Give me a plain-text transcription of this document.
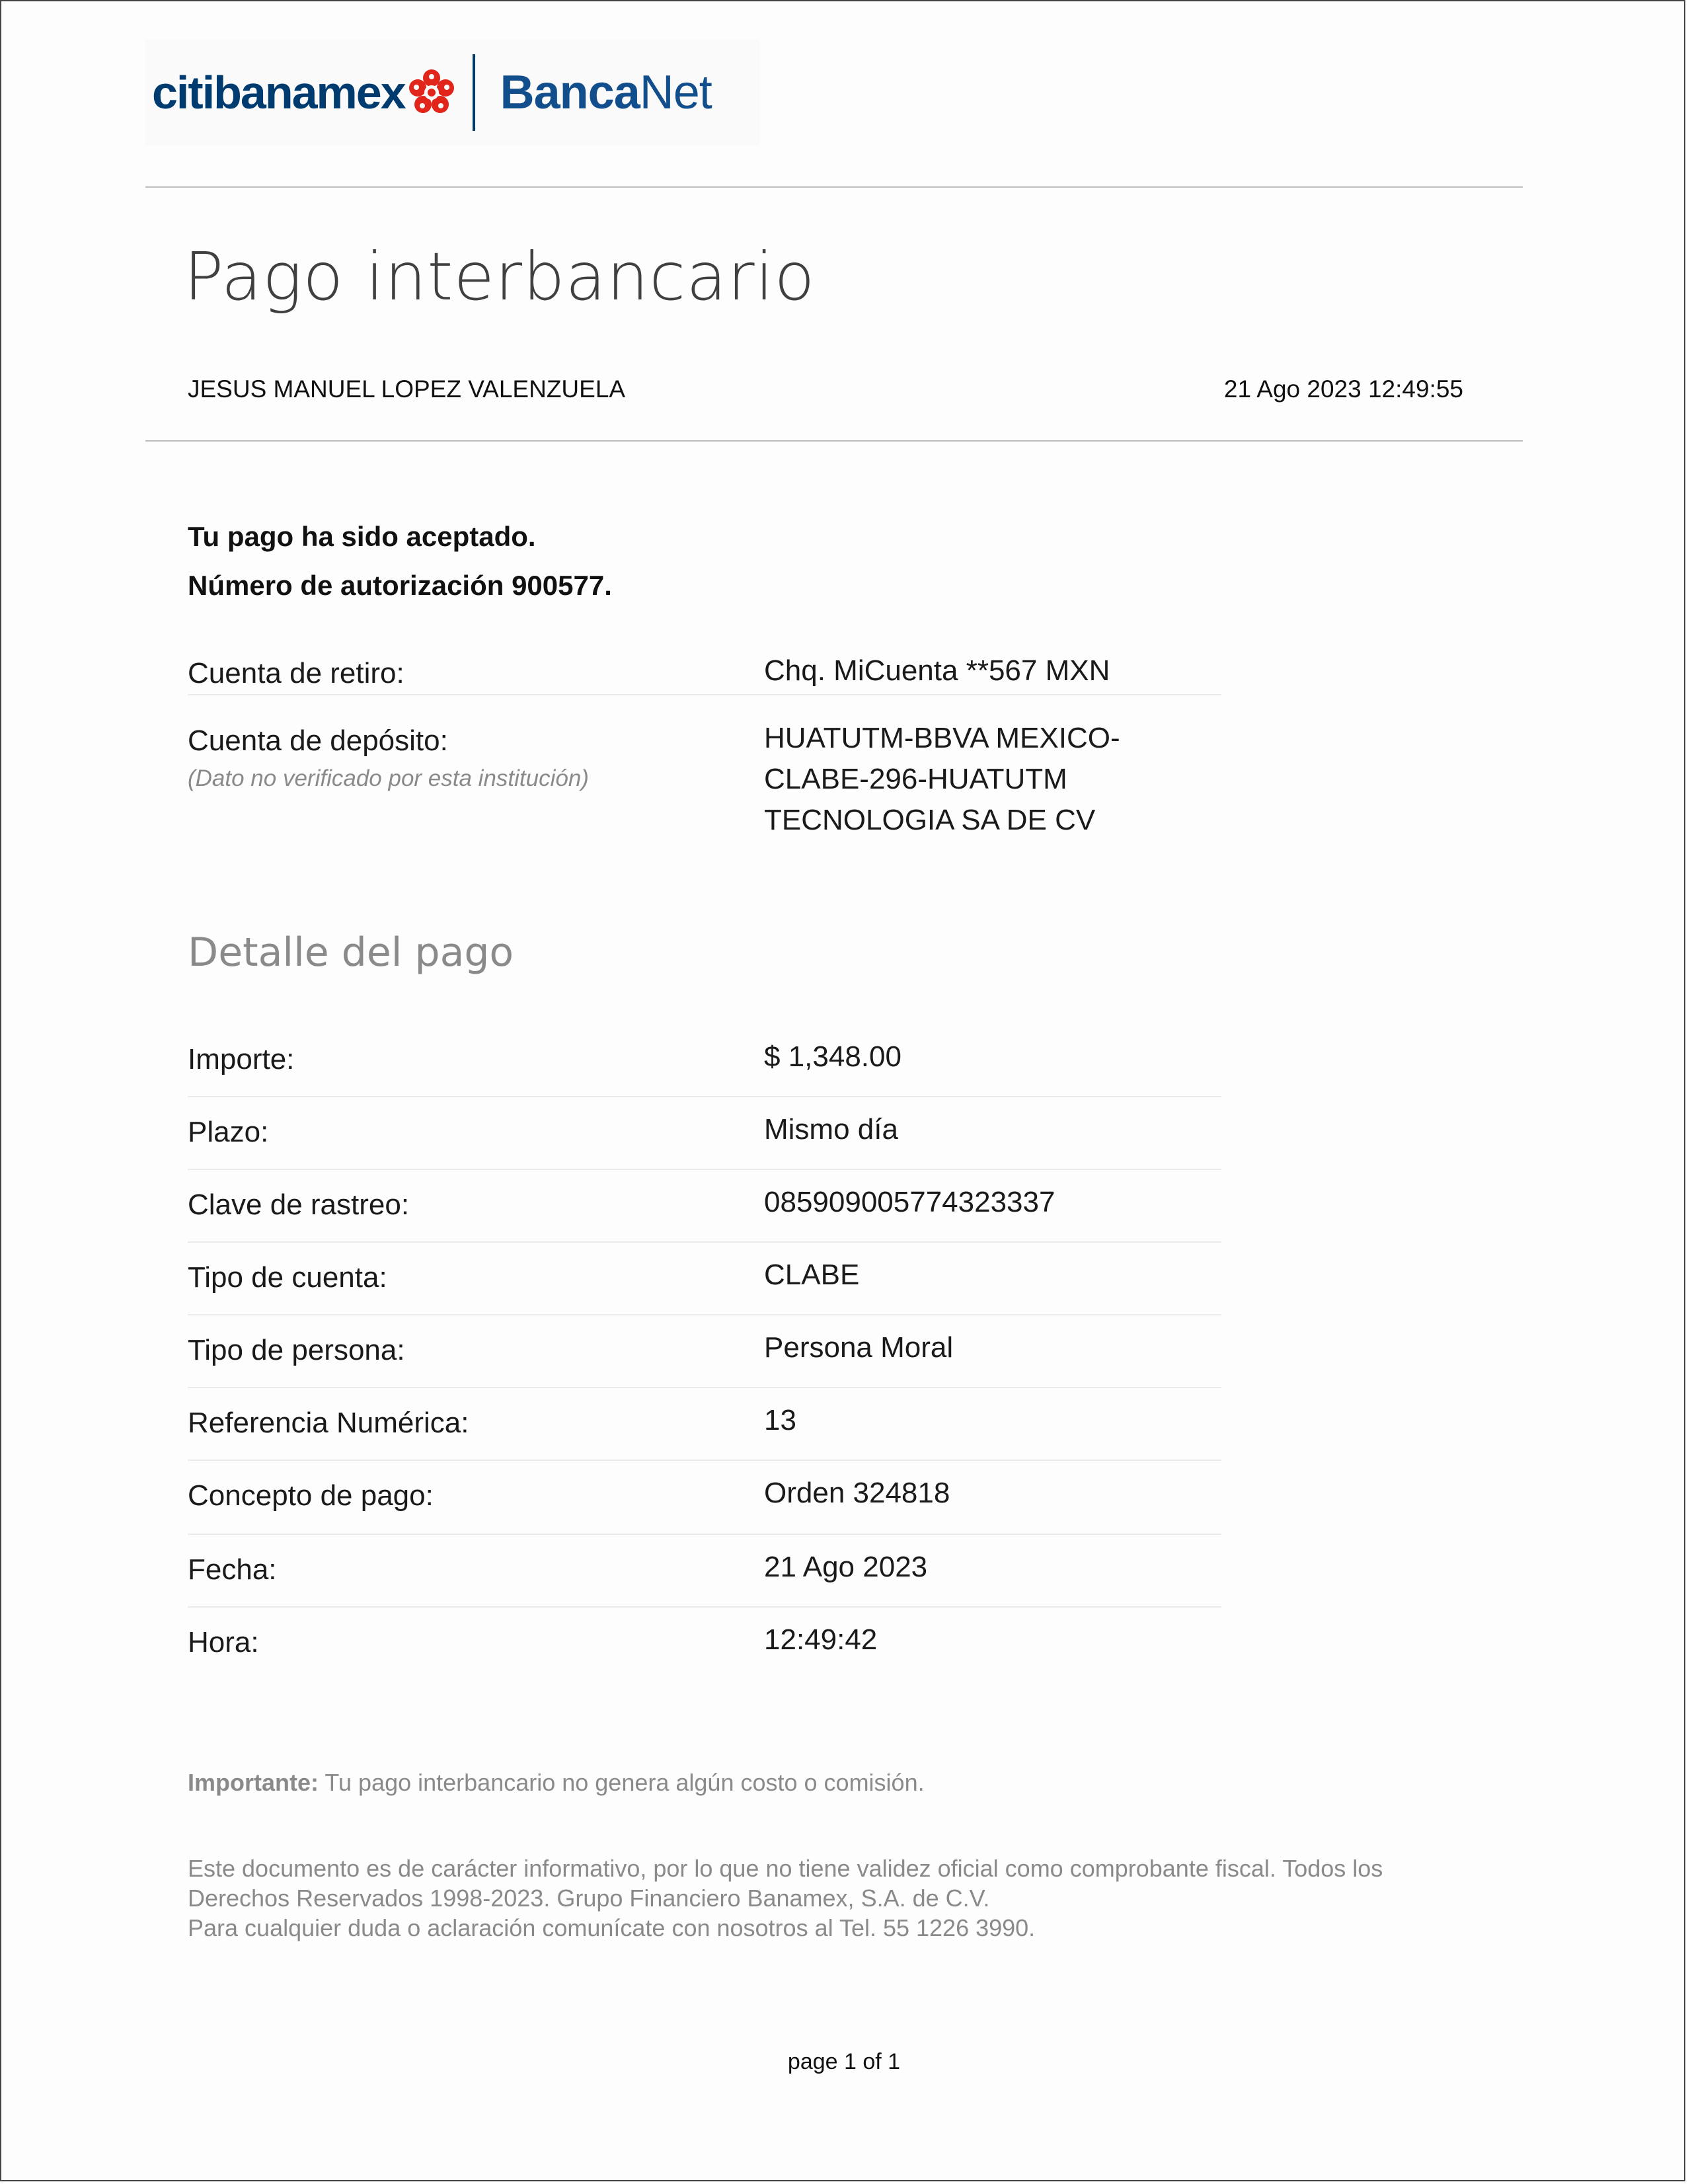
citi banamex Banca Net
Pago interbancario
JESUS MANUEL LOPEZ VALENZUELA	21 Ago 2023 12:49:55
Tu pago ha sido aceptado.
Número de autorización 900577.
Cuenta de retiro:	Chq. MiCuenta **567 MXN
Cuenta de depósito:
(Dato no verificado por esta institución)
HUATUTM-BBVA MEXICO-
CLABE-296-HUATUTM
TECNOLOGIA SA DE CV
Detalle del pago
Importe:	$ 1,348.00
Plazo:	Mismo día
Clave de rastreo:	085909005774323337
Tipo de cuenta:	CLABE
Tipo de persona:	Persona Moral
Referencia Numérica:	13
Concepto de pago:	Orden 324818
Fecha:	21 Ago 2023
Hora:	12:49:42
Importante: Tu pago interbancario no genera algún costo o comisión.
Este documento es de carácter informativo, por lo que no tiene validez oficial como comprobante fiscal. Todos los
Derechos Reservados 1998-2023. Grupo Financiero Banamex, S.A. de C.V.
Para cualquier duda o aclaración comunícate con nosotros al Tel. 55 1226 3990.
page 1 of 1
